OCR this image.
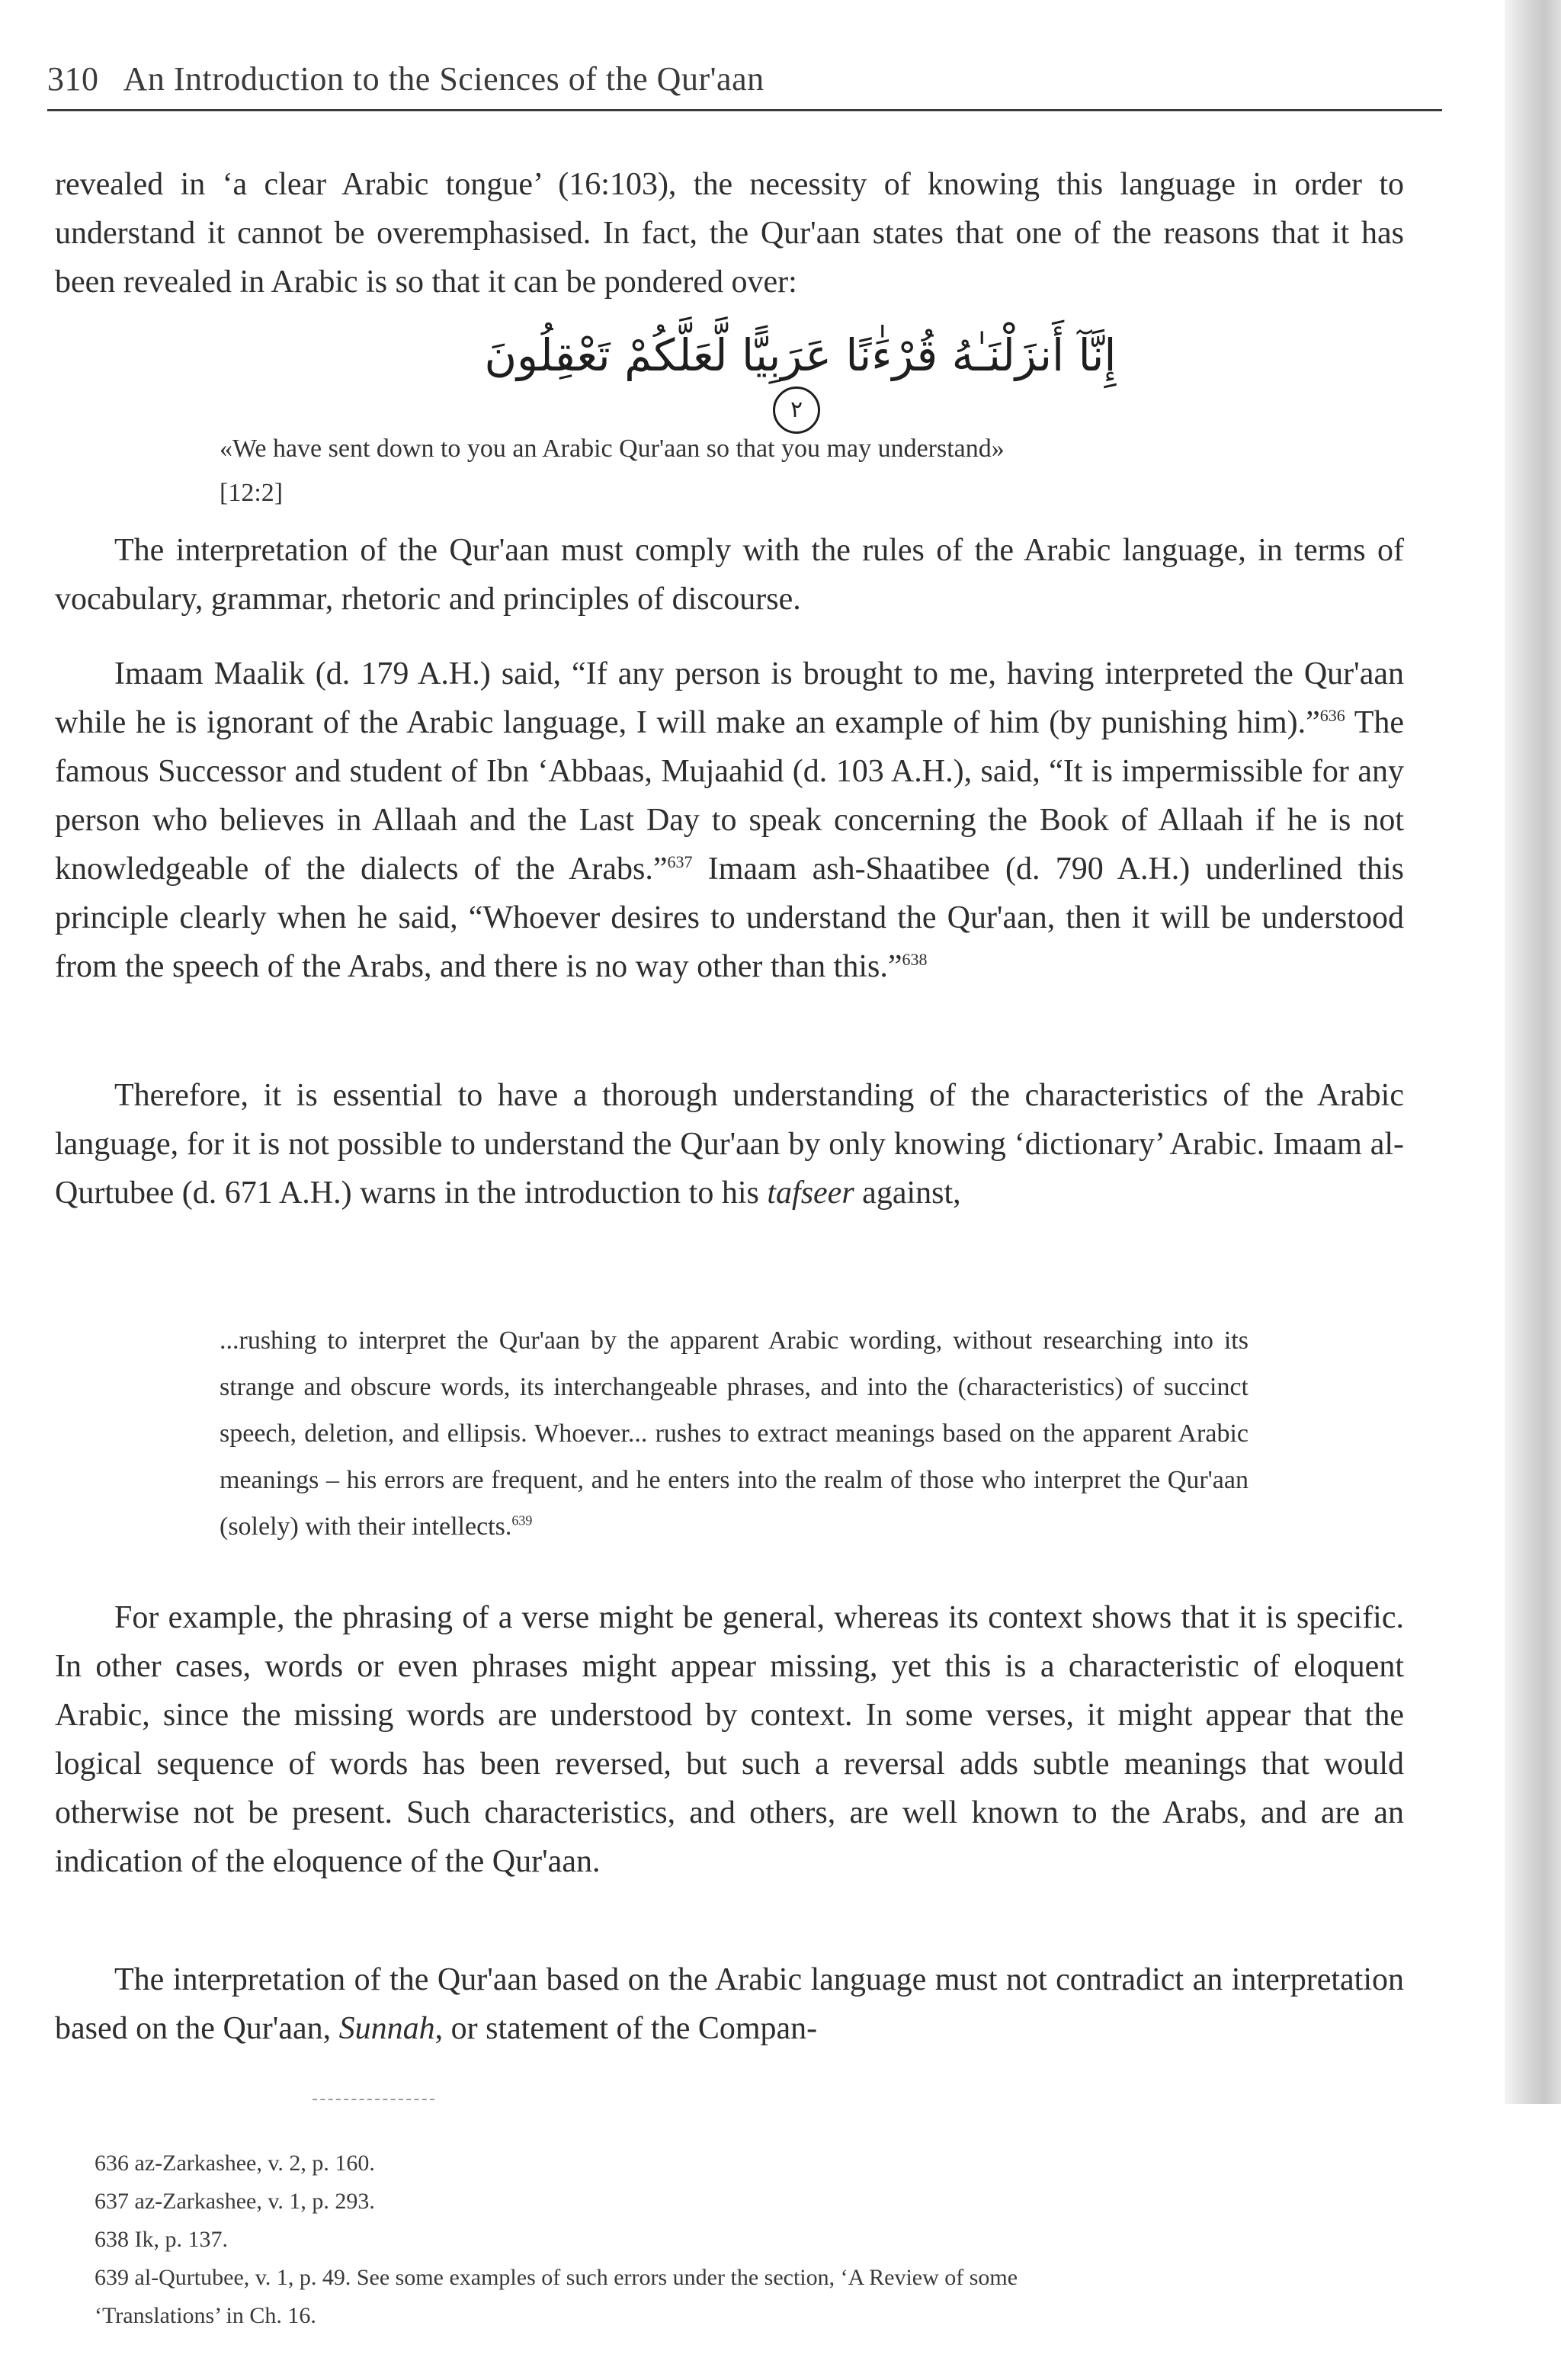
310 An Introduction to the Sciences of the Qur'aan
revealed in ‘a clear Arabic tongue’ (16:103), the necessity of knowing this language in order to understand it cannot be overemphasised. In fact, the Qur'aan states that one of the reasons that it has been revealed in Arabic is so that it can be pondered over:
إِنَّآ أَنزَلْنَـٰهُ قُرْءَٰنًا عَرَبِيًّا لَّعَلَّكُمْ تَعْقِلُونَ ٢
«We have sent down to you an Arabic Qur'aan so that you may understand»
[12:2]
The interpretation of the Qur'aan must comply with the rules of the Arabic language, in terms of vocabulary, grammar, rhetoric and principles of discourse.
Imaam Maalik (d. 179 A.H.) said, “If any person is brought to me, having interpreted the Qur'aan while he is ignorant of the Arabic language, I will make an example of him (by punishing him).”$^{636}$ The famous Successor and student of Ibn ‘Abbaas, Mujaahid (d. 103 A.H.), said, “It is impermissible for any person who believes in Allaah and the Last Day to speak concerning the Book of Allaah if he is not knowledgeable of the dialects of the Arabs.”$^{637}$ Imaam ash-Shaatibee (d. 790 A.H.) underlined this principle clearly when he said, “Whoever desires to understand the Qur'aan, then it will be understood from the speech of the Arabs, and there is no way other than this.”$^{638}$
Therefore, it is essential to have a thorough understanding of the characteristics of the Arabic language, for it is not possible to understand the Qur'aan by only knowing ‘dictionary’ Arabic. Imaam al-Qurtubee (d. 671 A.H.) warns in the introduction to his tafseer against,
...rushing to interpret the Qur'aan by the apparent Arabic wording, without researching into its strange and obscure words, its interchangeable phrases, and into the (characteristics) of succinct speech, deletion, and ellipsis. Whoever... rushes to extract meanings based on the apparent Arabic meanings – his errors are frequent, and he enters into the realm of those who interpret the Qur'aan (solely) with their intellects.$^{639}$
For example, the phrasing of a verse might be general, whereas its context shows that it is specific. In other cases, words or even phrases might appear missing, yet this is a characteristic of eloquent Arabic, since the missing words are understood by context. In some verses, it might appear that the logical sequence of words has been reversed, but such a reversal adds subtle meanings that would otherwise not be present. Such characteristics, and others, are well known to the Arabs, and are an indication of the eloquence of the Qur'aan.
The interpretation of the Qur'aan based on the Arabic language must not contradict an interpretation based on the Qur'aan, Sunnah, or statement of the Compan-
636 az-Zarkashee, v. 2, p. 160.
637 az-Zarkashee, v. 1, p. 293.
638 Ik, p. 137.
639 al-Qurtubee, v. 1, p. 49. See some examples of such errors under the section, ‘A Review of some
‘Translations’ in Ch. 16.
